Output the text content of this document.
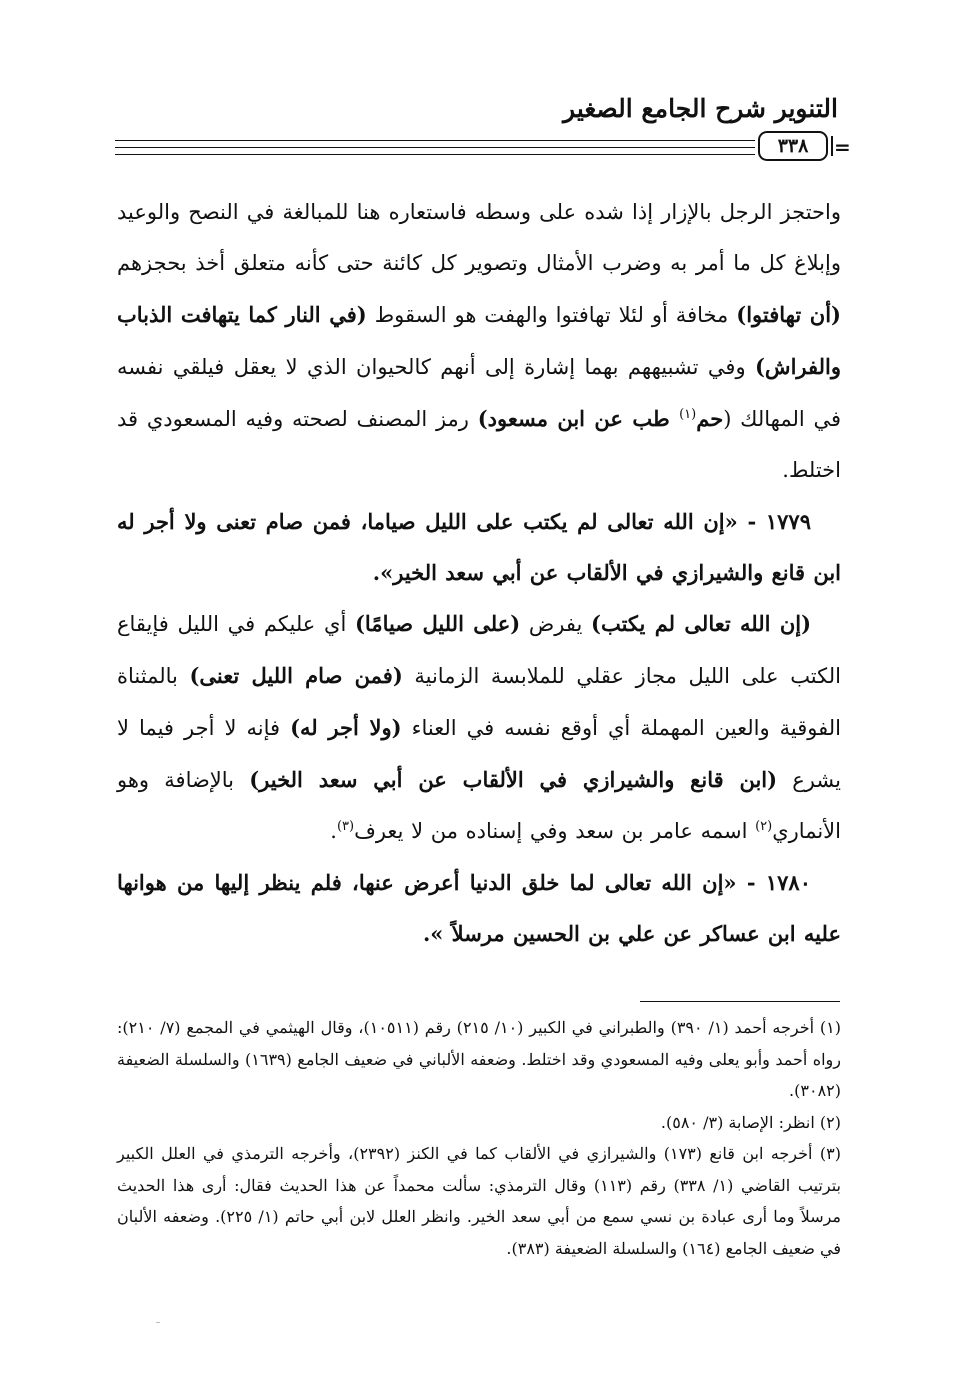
التنوير شرح الجامع الصغير
٣٣٨	=

واحتجز الرجل بالإزار إذا شده على وسطه فاستعاره هنا للمبالغة في النصح والوعيد وإبلاغ كل ما أمر به وضرب الأمثال وتصوير كل كائنة حتى كأنه متعلق أخذ بحجزهم (أن تهافتوا) مخافة أو لئلا تهافتوا والهفت هو السقوط (في النار كما يتهافت الذباب والفراش) وفي تشبيههم بهما إشارة إلى أنهم كالحيوان الذي لا يعقل فيلقي نفسه في المهالك (حم$^{(١)}$ طب عن ابن مسعود) رمز المصنف لصحته وفيه المسعودي قد اختلط.

١٧٧٩ - «إن الله تعالى لم يكتب على الليل صياما، فمن صام تعنى ولا أجر له ابن قانع والشيرازي في الألقاب عن أبي سعد الخير».

(إن الله تعالى لم يكتب) يفرض (على الليل صيامًا) أي عليكم في الليل فإيقاع الكتب على الليل مجاز عقلي للملابسة الزمانية (فمن صام الليل تعنى) بالمثناة الفوقية والعين المهملة أي أوقع نفسه في العناء (ولا أجر له) فإنه لا أجر فيما لا يشرع (ابن قانع والشيرازي في الألقاب عن أبي سعد الخير) بالإضافة وهو الأنماري$^{(٢)}$ اسمه عامر بن سعد وفي إسناده من لا يعرف$^{(٣)}$.

١٧٨٠ - «إن الله تعالى لما خلق الدنيا أعرض عنها، فلم ينظر إليها من هوانها عليه ابن عساكر عن علي بن الحسين مرسلاً ».

(١) أخرجه أحمد (١/ ٣٩٠) والطبراني في الكبير (١٠/ ٢١٥) رقم (١٠٥١١)، وقال الهيثمي في المجمع (٧/ ٢١٠): رواه أحمد وأبو يعلى وفيه المسعودي وقد اختلط. وضعفه الألباني في ضعيف الجامع (١٦٣٩) والسلسلة الضعيفة (٣٠٨٢).

(٢) انظر: الإصابة (٣/ ٥٨٠).

(٣) أخرجه ابن قانع (١٧٣) والشيرازي في الألقاب كما في الكنز (٢٣٩٢)، وأخرجه الترمذي في العلل الكبير بترتيب القاضي (١/ ٣٣٨) رقم (١١٣) وقال الترمذي: سألت محمداً عن هذا الحديث فقال: أرى هذا الحديث مرسلاً وما أرى عبادة بن نسي سمع من أبي سعد الخير. وانظر العلل لابن أبي حاتم (١/ ٢٢٥). وضعفه الألبان في ضعيف الجامع (١٦٤) والسلسلة الضعيفة (٣٨٣).
